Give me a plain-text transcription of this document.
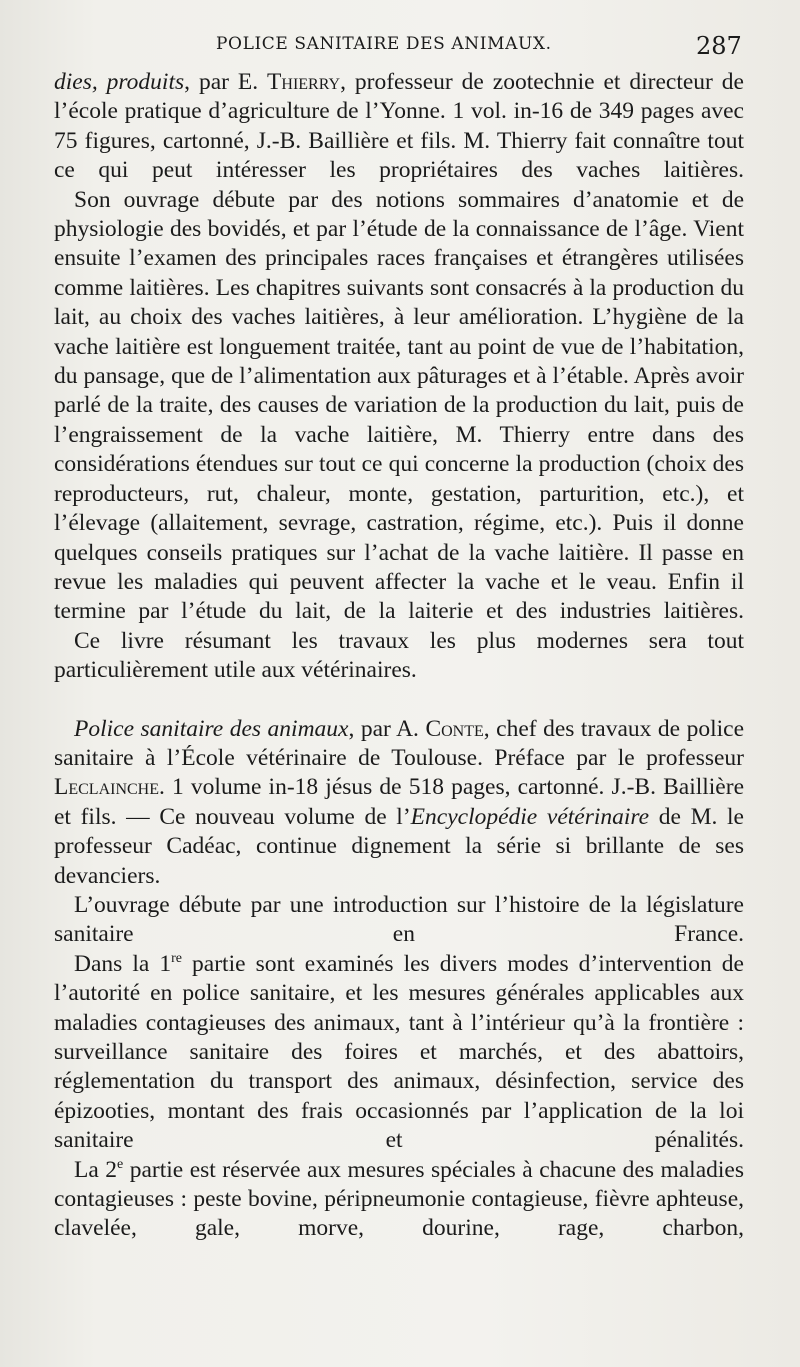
POLICE SANITAIRE DES ANIMAUX.	287

dies, produits, par E. Thierry, professeur de zootechnie et directeur de l’école pratique d’agriculture de l’Yonne. 1 vol. in-16 de 349 pages avec 75 figures, cartonné, J.-B. Baillière et fils. M. Thierry fait connaître tout ce qui peut intéresser les propriétaires des vaches laitières.

Son ouvrage débute par des notions sommaires d’anatomie et de physiologie des bovidés, et par l’étude de la connaissance de l’âge. Vient ensuite l’examen des principales races françaises et étrangères utilisées comme laitières. Les chapitres suivants sont consacrés à la production du lait, au choix des vaches laitières, à leur amélioration. L’hygiène de la vache laitière est longuement traitée, tant au point de vue de l’habitation, du pansage, que de l’alimentation aux pâturages et à l’étable. Après avoir parlé de la traite, des causes de variation de la production du lait, puis de l’engraissement de la vache laitière, M. Thierry entre dans des considérations étendues sur tout ce qui concerne la production (choix des reproducteurs, rut, chaleur, monte, gestation, parturition, etc.), et l’élevage (allaitement, sevrage, castration, régime, etc.). Puis il donne quelques conseils pratiques sur l’achat de la vache laitière. Il passe en revue les maladies qui peuvent affecter la vache et le veau. Enfin il termine par l’étude du lait, de la laiterie et des industries laitières.

Ce livre résumant les travaux les plus modernes sera tout particulièrement utile aux vétérinaires.

Police sanitaire des animaux, par A. Conte, chef des travaux de police sanitaire à l’École vétérinaire de Toulouse. Préface par le professeur Leclainche. 1 volume in-18 jésus de 518 pages, cartonné. J.-B. Baillière et fils. — Ce nouveau volume de l’Encyclopédie vétérinaire de M. le professeur Cadéac, continue dignement la série si brillante de ses devanciers.

L’ouvrage débute par une introduction sur l’histoire de la législature sanitaire en France.

Dans la 1re partie sont examinés les divers modes d’intervention de l’autorité en police sanitaire, et les mesures générales applicables aux maladies contagieuses des animaux, tant à l’intérieur qu’à la frontière : surveillance sanitaire des foires et marchés, et des abattoirs, réglementation du transport des animaux, désinfection, service des épizooties, montant des frais occasionnés par l’application de la loi sanitaire et pénalités.

La 2e partie est réservée aux mesures spéciales à chacune des maladies contagieuses : peste bovine, péripneumonie contagieuse, fièvre aphteuse, clavelée, gale, morve, dourine, rage, charbon,
